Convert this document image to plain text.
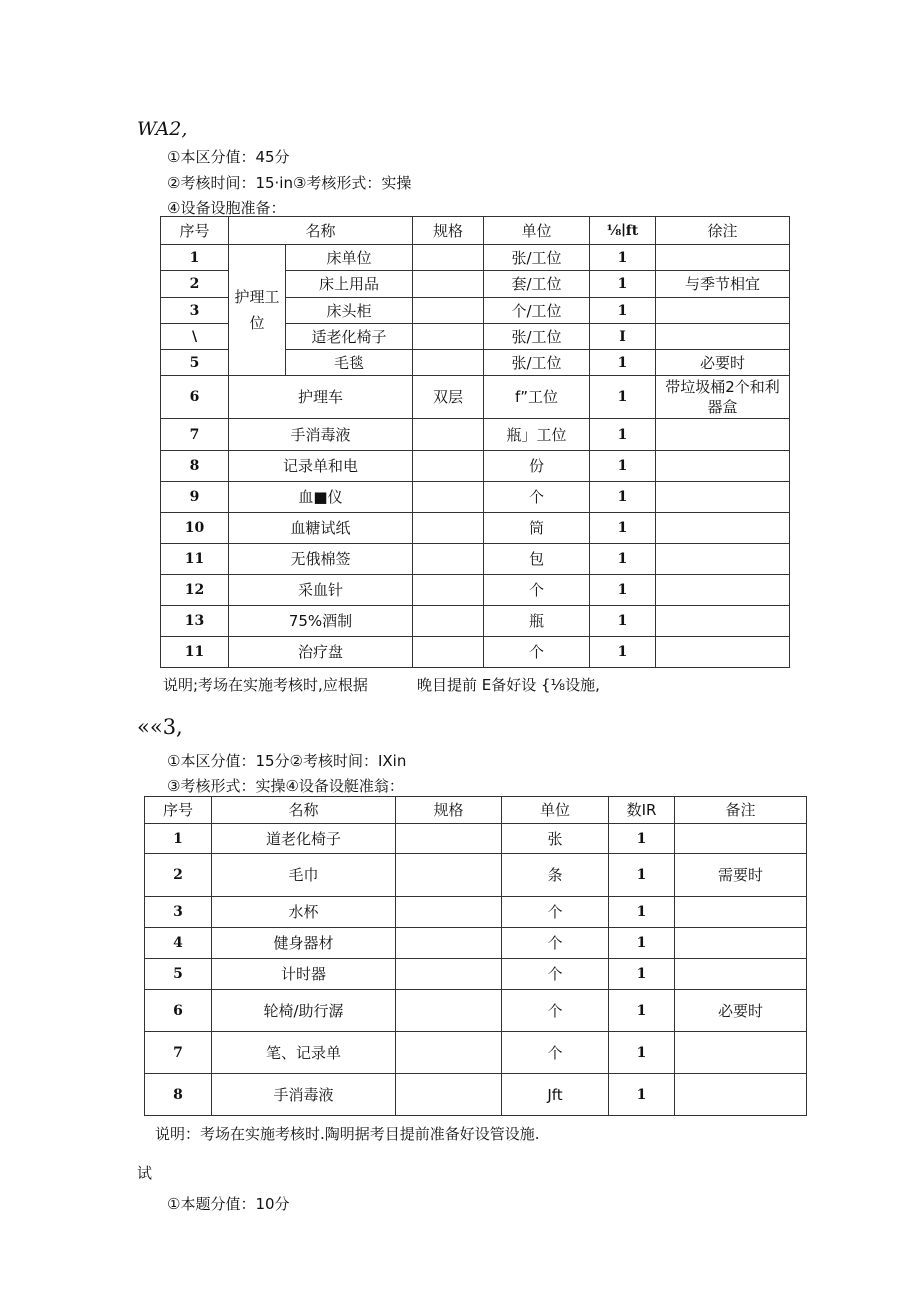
WA2,
①本区分值：45分
②考核时间：15·in③考核形式：实操
④设备设胞准备：
序号	名称		规格	单位	⅛∣ft	徐注
1	护理工位	床单位		张/工位	1	
2		床上用品		套/工位	1	与季节相宜
3		床头柜		个/工位	1	
\		适老化椅子		张/工位	I	
5		毛毯		张/工位	1	必要时
6	护理车		双层	f”工位	1	带垃圾桶2个和利器盒
7	手消毒液			瓶」工位	1	
8	记录单和电			份	1	
9	血■仪			个	1	
10	血糖试纸			筒	1	
11	无俄棉签			包	1	
12	采血针			个	1	
13	75%酒制			瓶	1	
11	治疗盘			个	1	
说明;考场在实施考核时,应根据	晚目提前 E备好设 {⅛设施,
««3,
①本区分值：15分②考核时间：IXin
③考核形式：实操④设备设艇准翁：
序号	名称	规格	单位	数IR	备注
1	道老化椅子		张	1	
2	毛巾		条	1	需要时
3	水杯		个	1	
4	健身器材		个	1	
5	计时器		个	1	
6	轮椅/助行潺		个	1	必要时
7	笔、记录单		个	1	
8	手消毒液		Jft	1	
说明：考场在实施考核时.陶明据考目提前准备好设管设施.
试
①本题分值：10分
